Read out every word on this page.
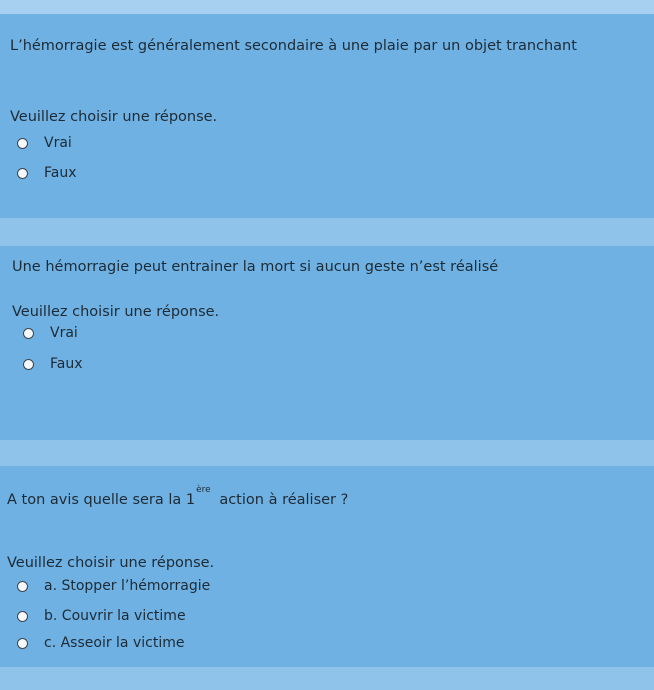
L’hémorragie est généralement secondaire à une plaie par un objet tranchant

Veuillez choisir une réponse.

Vrai
Faux

Une hémorragie peut entrainer la mort si aucun geste n’est réalisé

Veuillez choisir une réponse.

Vrai
Faux

A ton avis quelle sera la 1ère action à réaliser ?

Veuillez choisir une réponse.

a. Stopper l’hémorragie
b. Couvrir la victime
c. Asseoir la victime
